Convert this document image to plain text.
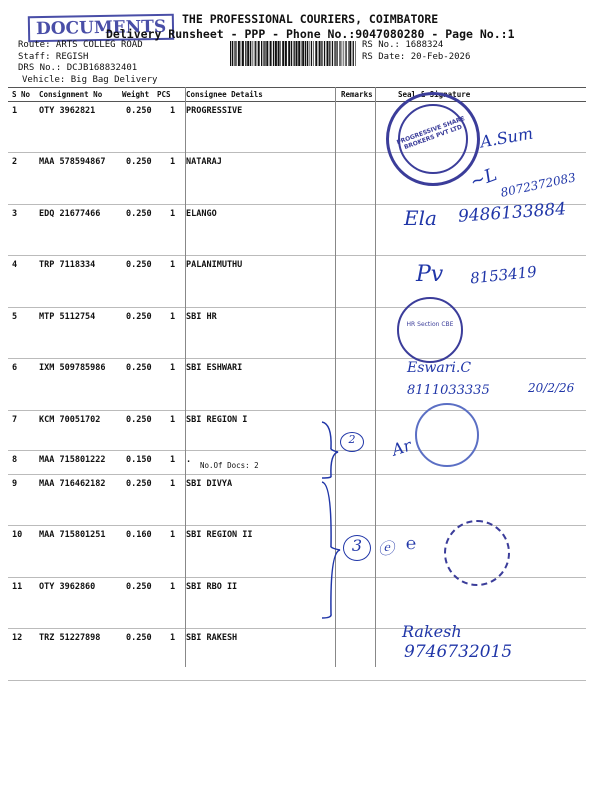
DOCUMENTS	THE PROFESSIONAL COURIERS, COIMBATORE
Delivery Runsheet - PPP - Phone No.:9047080280 - Page No.:1
Route: ARTS COLLEG ROAD
Staff: REGISH
DRS No.: DCJB16883240​1
Vehicle: Big Bag Delivery
RS No.: 1688324
RS Date: 20-Feb-2026
S No Consignment No	Weight PCS Consignee Details	Remarks	Seal & Signature
1	OTY 3962821	0.250 1 PROGRESSIVE
2	MAA 578594867 0.250 1 NATARAJ
3	EDQ 21677466	0.250 1 ELANGO
4	TRP 7118334	0.250 1 PALANIMUTHU
5	MTP 5112754	0.250 1 SBI HR
6	IXM 509785986 0.250 1 SBI ESHWARI
7	KCM 70051702	0.250 1 SBI REGION I
8	MAA 715801222 0.150 1 .
No.Of Docs: 2
9	MAA 716462182 0.250 1 SBI DIVYA
10 MAA 715801251 0.160 1 SBI REGION II
11 OTY 3962860	0.250 1 SBI RBO II
12 TRZ 51227898	0.250 1 SBI RAKESH
PROGRESSIVE SHARE BROKERS PVT LTD A.Sum
8072372083
~L
Ela 9486133884
Pv 8153419
HR Section CBE
Eswari.C
8111033335	20/2/26
Ar
2
3 ⓔ ℮
Rakesh
9746732015
